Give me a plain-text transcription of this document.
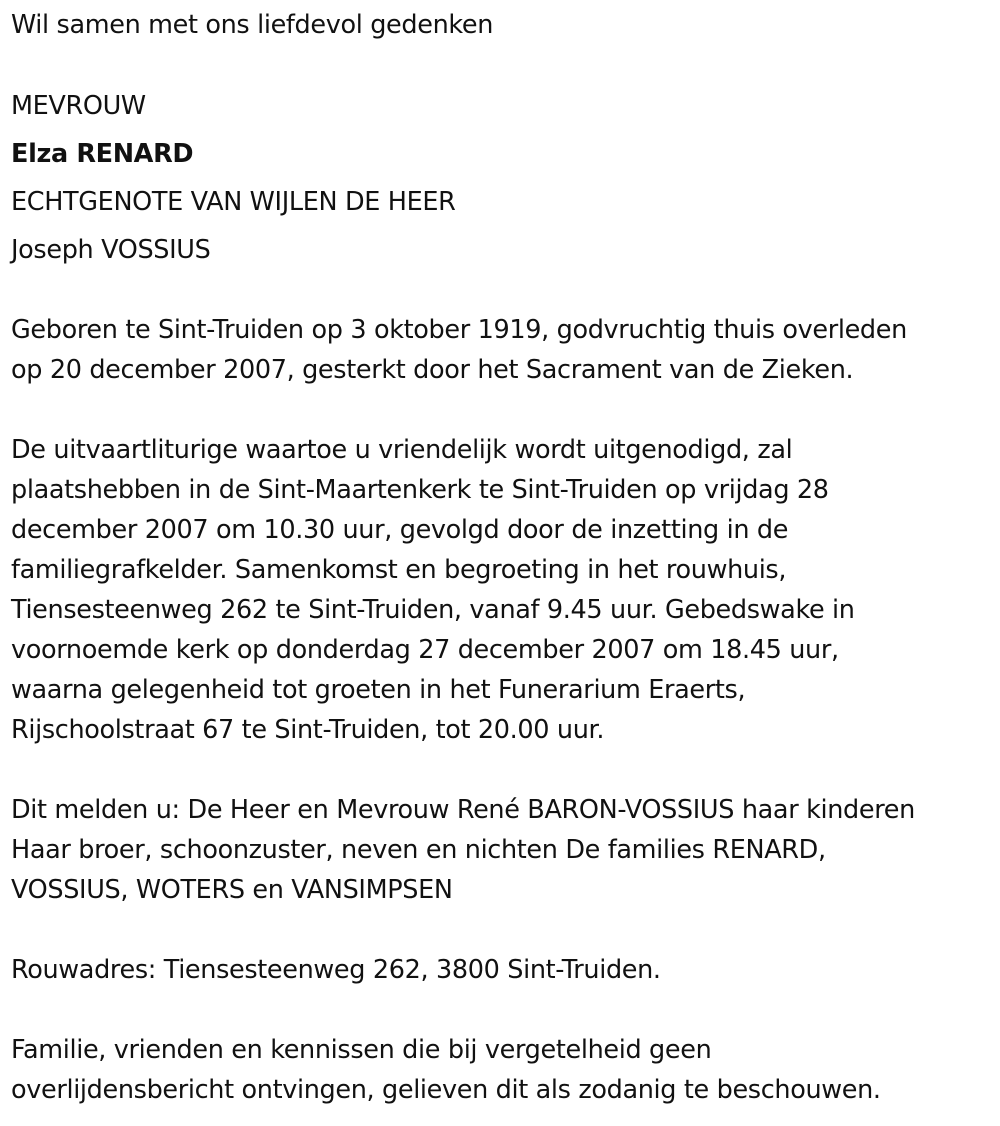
Wil samen met ons liefdevol gedenken
MEVROUW
Elza RENARD
ECHTGENOTE VAN WIJLEN DE HEER
Joseph VOSSIUS
Geboren te Sint-Truiden op 3 oktober 1919, godvruchtig thuis overleden
op 20 december 2007, gesterkt door het Sacrament van de Zieken.
De uitvaartliturige waartoe u vriendelijk wordt uitgenodigd, zal
plaatshebben in de Sint-Maartenkerk te Sint-Truiden op vrijdag 28
december 2007 om 10.30 uur, gevolgd door de inzetting in de
familiegrafkelder. Samenkomst en begroeting in het rouwhuis,
Tiensesteenweg 262 te Sint-Truiden, vanaf 9.45 uur. Gebedswake in
voornoemde kerk op donderdag 27 december 2007 om 18.45 uur,
waarna gelegenheid tot groeten in het Funerarium Eraerts,
Rijschoolstraat 67 te Sint-Truiden, tot 20.00 uur.
Dit melden u: De Heer en Mevrouw René BARON-VOSSIUS haar kinderen
Haar broer, schoonzuster, neven en nichten De families RENARD,
VOSSIUS, WOTERS en VANSIMPSEN
Rouwadres: Tiensesteenweg 262, 3800 Sint-Truiden.
Familie, vrienden en kennissen die bij vergetelheid geen
overlijdensbericht ontvingen, gelieven dit als zodanig te beschouwen.
